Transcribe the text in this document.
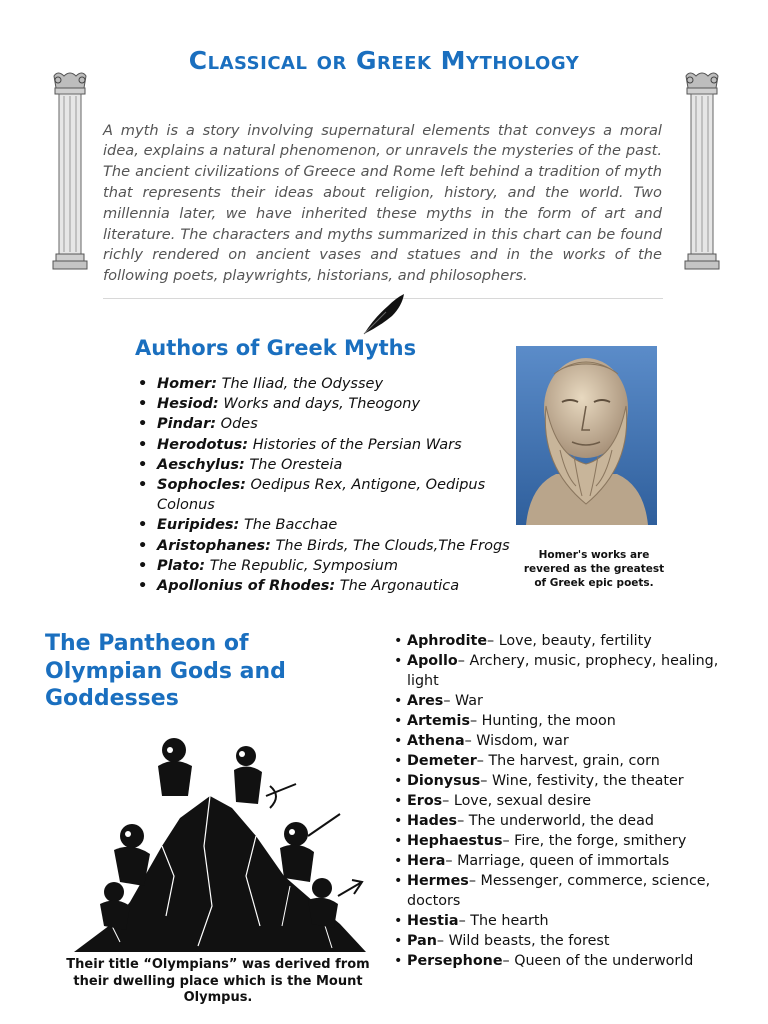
Classical or Greek Mythology

A myth is a story involving supernatural elements that conveys a moral idea, explains a natural phenomenon, or unravels the mysteries of the past. The ancient civilizations of Greece and Rome left behind a tradition of myth that represents their ideas about religion, history, and the world. Two millennia later, we have inherited these myths in the form of art and literature. The characters and myths summarized in this chart can be found richly rendered on ancient vases and statues and in the works of the following poets, playwrights, historians, and philosophers.

Authors of Greek Myths
• Homer: The Iliad, the Odyssey
• Hesiod: Works and days, Theogony
• Pindar: Odes
• Herodotus: Histories of the Persian Wars
• Aeschylus: The Oresteia
• Sophocles: Oedipus Rex, Antigone, Oedipus Colonus
• Euripides: The Bacchae
• Aristophanes: The Birds, The Clouds,The Frogs
• Plato: The Republic, Symposium
• Apollonius of Rhodes: The Argonautica
Homer's works are revered as the greatest of Greek epic poets.
The Pantheon of Olympian Gods and Goddesses
• Aphrodite– Love, beauty, fertility
• Apollo– Archery, music, prophecy, healing, light
• Ares– War
• Artemis– Hunting, the moon
• Athena– Wisdom, war
• Demeter– The harvest, grain, corn
• Dionysus– Wine, festivity, the theater
• Eros– Love, sexual desire
• Hades– The underworld, the dead
• Hephaestus– Fire, the forge, smithery
• Hera– Marriage, queen of immortals
• Hermes– Messenger, commerce, science, doctors
• Hestia– The hearth
• Pan– Wild beasts, the forest
• Persephone– Queen of the underworld
Their title “Olympians” was derived from their dwelling place which is the Mount Olympus.
